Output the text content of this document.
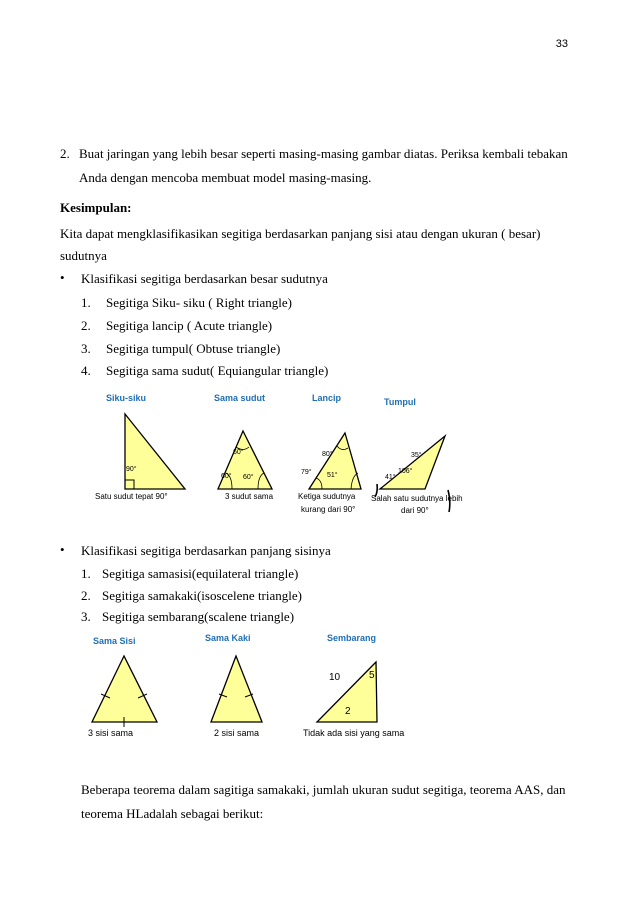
33
2. Buat jaringan yang lebih besar seperti masing-masing gambar diatas. Periksa kembali tebakan
Anda dengan mencoba membuat model masing-masing.
Kesimpulan:
Kita dapat mengklasifikasikan segitiga berdasarkan panjang sisi atau dengan ukuran ( besar)
sudutnya
• Klasifikasi segitiga berdasarkan besar sudutnya
1. Segitiga Siku- siku ( Right triangle)
2. Segitiga lancip ( Acute triangle)
3. Segitiga tumpul( Obtuse triangle)
4. Segitiga sama sudut( Equiangular triangle)
Siku-siku	Sama sudut	Lancip	Tumpul
90°
Satu sudut tepat 90°
60°
60° 60°
3 sudut sama
80°
79° 51°
Ketiga sudutnya
kurang dari 90°
35°
41°
106°
Salah satu sudutnya lebih
dari 90°
• Klasifikasi segitiga berdasarkan panjang sisinya
1. Segitiga samasisi(equilateral triangle)
2. Segitiga samakaki(isoscelene triangle)
3. Segitiga sembarang(scalene triangle)
Sama Sisi	Sama Kaki	Sembarang
10	5
2
3 sisi sama	2 sisi sama	Tidak ada sisi yang sama
Beberapa teorema dalam sagitiga samakaki, jumlah ukuran sudut segitiga, teorema AAS, dan
teorema HLadalah sebagai berikut:
